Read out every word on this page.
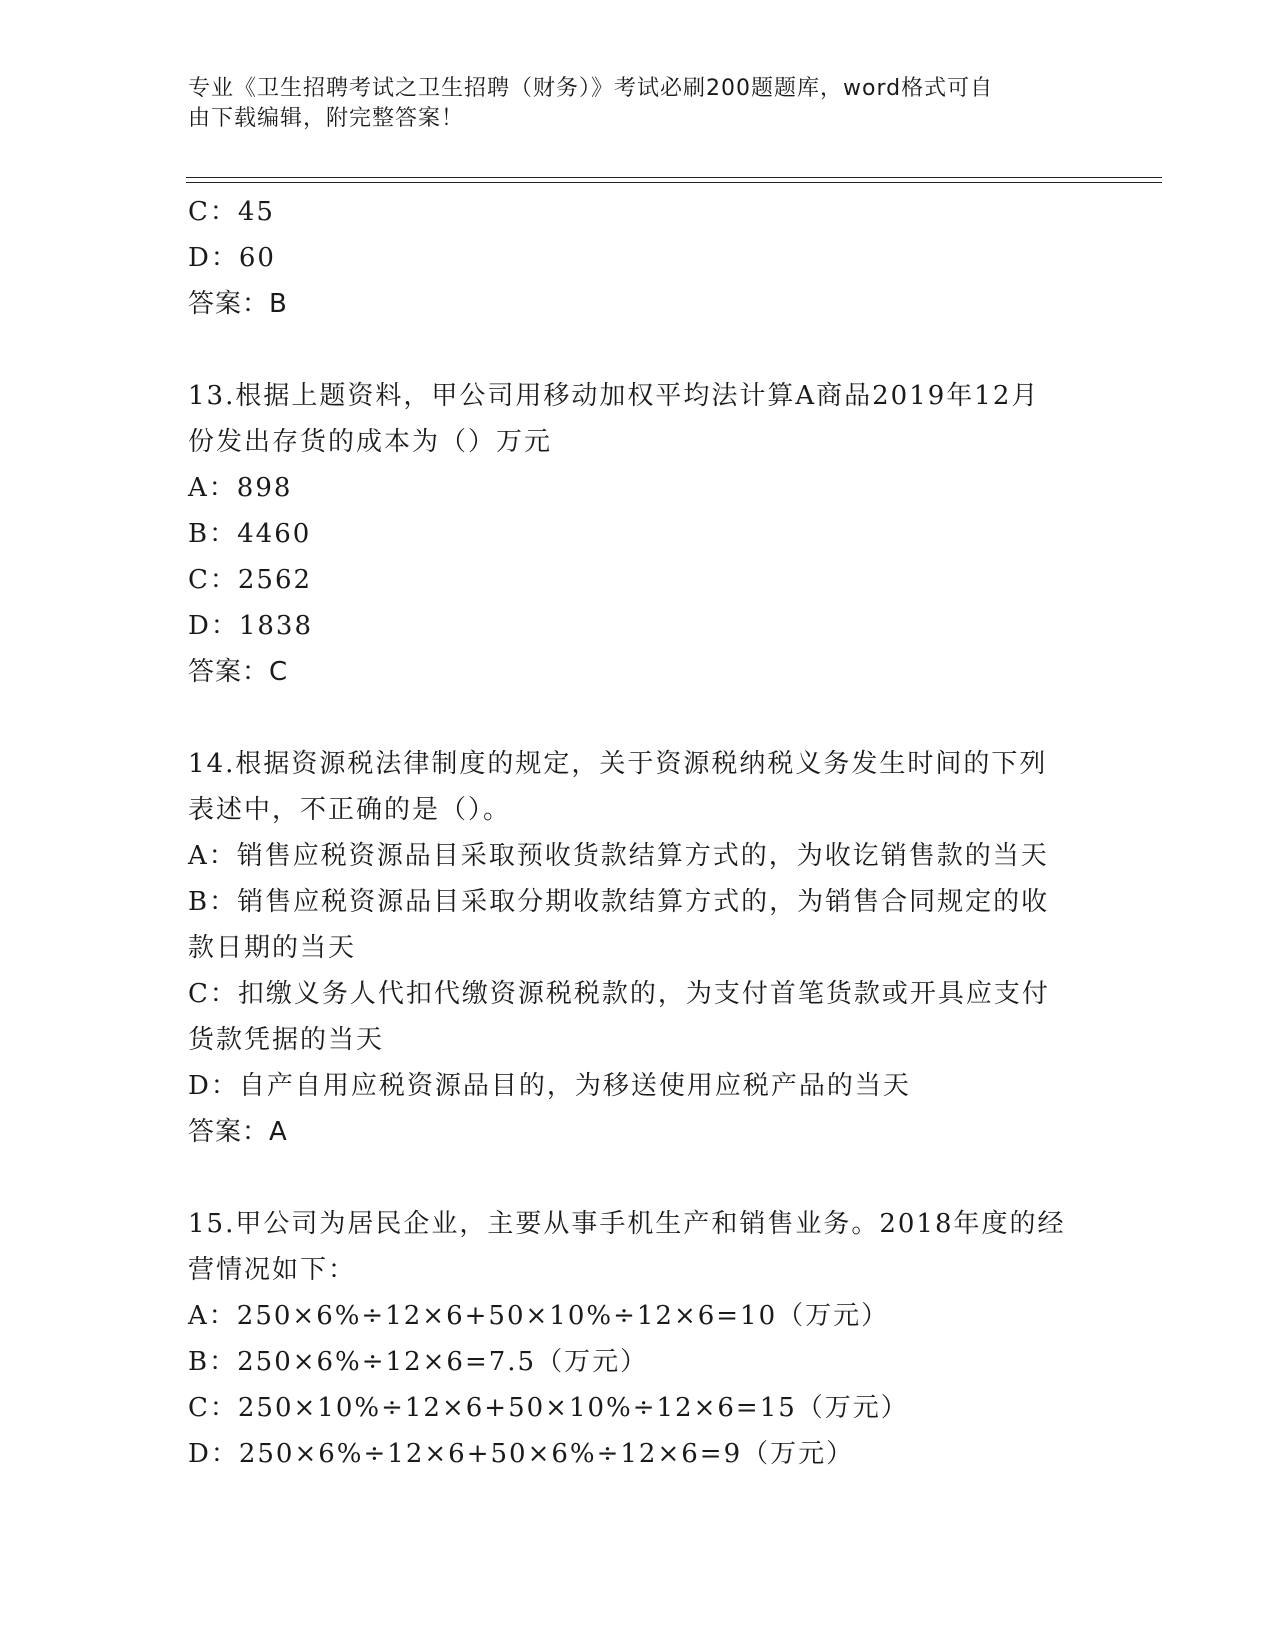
专业《卫生招聘考试之卫生招聘（财务）》考试必刷200题题库，word格式可自
由下载编辑，附完整答案！
C：45
D：60
答案：B
13.根据上题资料，甲公司用移动加权平均法计算A商品2019年12月
份发出存货的成本为（）万元
A：898
B：4460
C：2562
D：1838
答案：C
14.根据资源税法律制度的规定，关于资源税纳税义务发生时间的下列
表述中，不正确的是（）。
A：销售应税资源品目采取预收货款结算方式的，为收讫销售款的当天
B：销售应税资源品目采取分期收款结算方式的，为销售合同规定的收
款日期的当天
C：扣缴义务人代扣代缴资源税税款的，为支付首笔货款或开具应支付
货款凭据的当天
D：自产自用应税资源品目的，为移送使用应税产品的当天
答案：A
15.甲公司为居民企业，主要从事手机生产和销售业务。2018年度的经
营情况如下：
A：250×6%÷12×6+50×10%÷12×6=10（万元）
B：250×6%÷12×6=7.5（万元）
C：250×10%÷12×6+50×10%÷12×6=15（万元）
D：250×6%÷12×6+50×6%÷12×6=9（万元）
